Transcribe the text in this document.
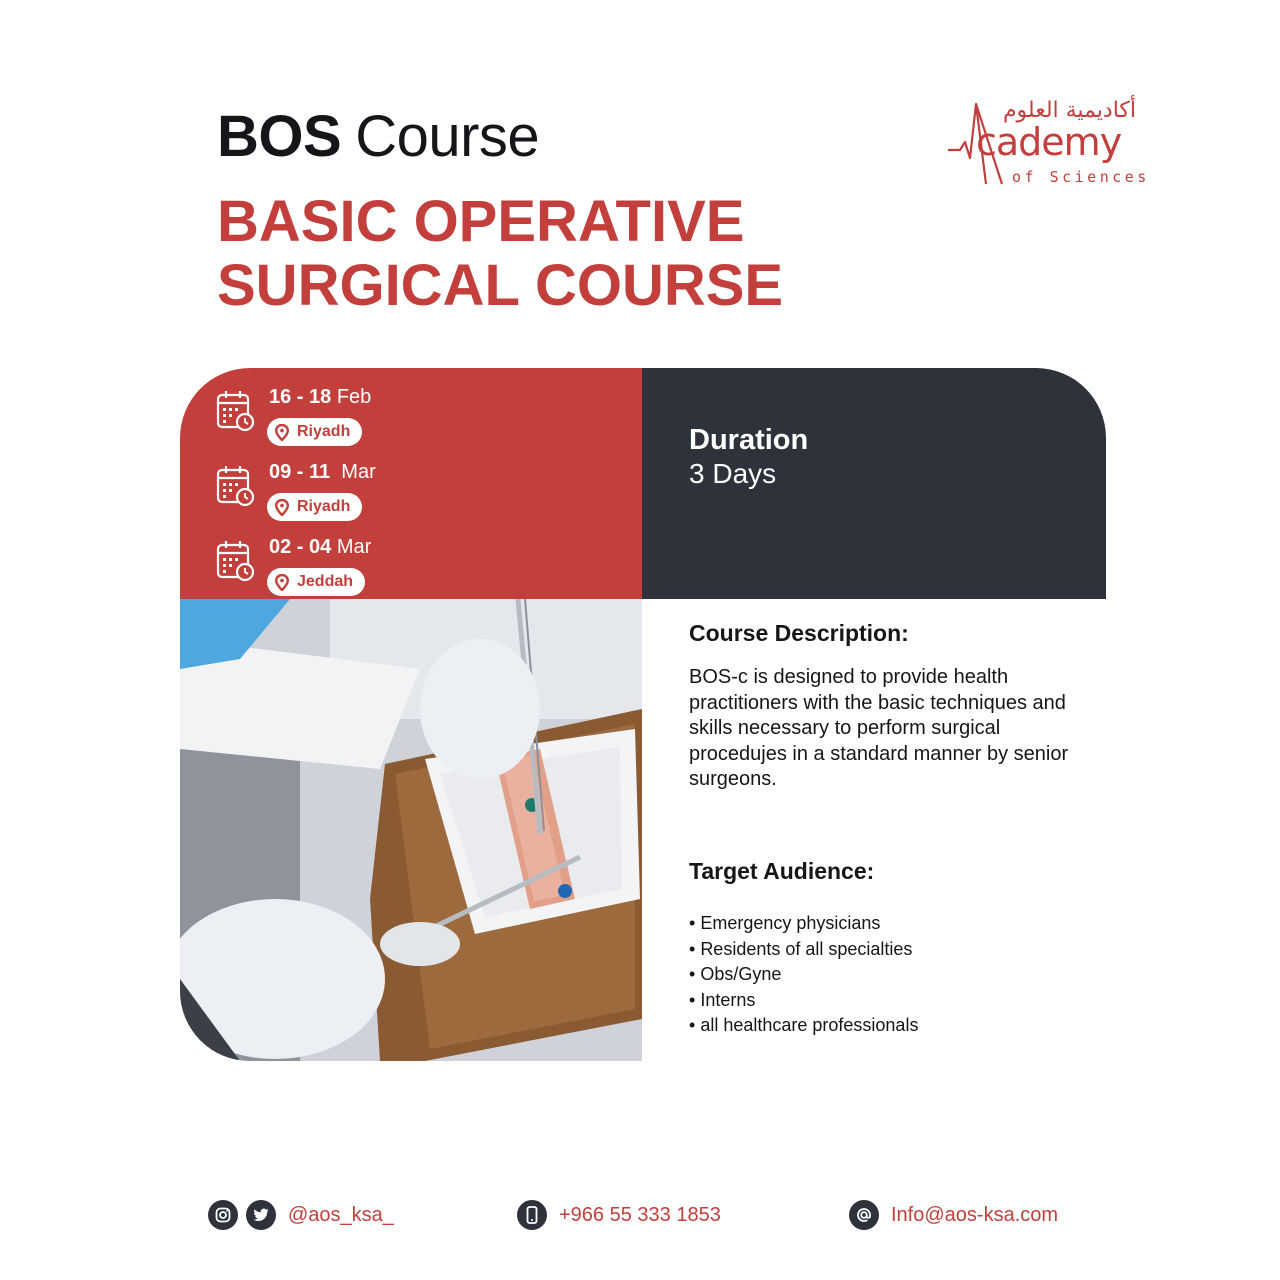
BOS Course
BASIC OPERATIVE
SURGICAL COURSE
أكاديمية العلوم
cademy
of Sciences
16 - 18 Feb
Riyadh
09 - 11 Mar
Riyadh
02 - 04 Mar
Jeddah
Duration
3 Days
Course Description:
BOS-c is designed to provide health practitioners with the basic techniques and skills necessary to perform surgical procedujes in a standard manner by senior surgeons.
Target Audience:
• Emergency physicians
• Residents of all specialties
• Obs/Gyne
• Interns
• all healthcare professionals
@aos_ksa_	+966 55 333 1853	Info@aos-ksa.com
